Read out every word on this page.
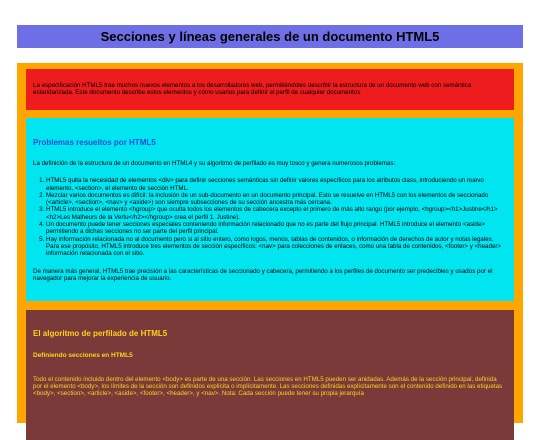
Secciones y líneas generales de un documento HTML5
La especificación HTML5 trae muchos nuevos elementos a los desarrolladores web, permitiéndoles describir la estructura de un documento web con semántica estandarizada. Este documento describe estos elementos y cómo usarlos para definir el perfil de cualquier documentos
Problemas resueltos por HTML5

La definición de la estructura de un documento en HTML4 y su algoritmo de perfilado es muy tosco y genera numerosos problemas:

1. HTML5 quita la necesidad de elementos <div> para definir secciones semánticas sin definir valores específicos para los atributos class, introduciendo un nuevo elemento, <section>, el elemento de sección HTML.
2. Mezclar varios documentos es difícil: la inclusión de un sub-documento en un documento principal. Esto se resuelve en HTML5 con los elementos de seccionado (<article>, <section>, <nav> y <aside>) son siempre subsecciones de su sección ancestra más cercana.
3. HTML5 introduce el elemento <hgroup> que oculta todos los elementos de cabecera excepto el primero de más alto rango (por ejemplo, <hgroup><h1>Justine</h1><h2>Les Malheurs de la Vertu</h2></hgroup> crea el perfil 1. Justine).
4. Un documento puede tener secciones especiales conteniendo información relacionado que no es parte del flujo principal. HTML5 introduce el elemento <aside> permitiendo a dichas secciones no ser parte del perfil principal.
5. Hay información relacionada no al documento pero si al sitio entero, como logos, menús, tablas de contenidos, o información de derechos de autor y notas legales. Para ese propósito, HTML5 introduce tres elementos de sección específicos: <nav> para colecciones de enlaces, como una tabla de contenidos, <footer> y <header> información relacionada con el sitio.

De manera más general, HTML5 trae precisión a las características de seccionado y cabecera, permitiendo a los perfiles de documento ser predecibles y usados por el navegador para mejorar la experiencia de usuario.

El algoritmo de perfilado de HTML5
Definiendo secciones en HTML5

Todo el contenido incluido dentro del elemento <body> es parte de una sección. Las secciones en HTML5 pueden ser anidadas. Además de la sección principal, definida por el elemento <body>, los límites de la sección son definidos explícita o implícitamente. Las secciones definidas explícitamente son el contenido definido en las etiquetas <body>, <section>, <article>, <aside>, <footer>, <header>, y <nav>. Nota: Cada sección puede tener su propia jerarquía
